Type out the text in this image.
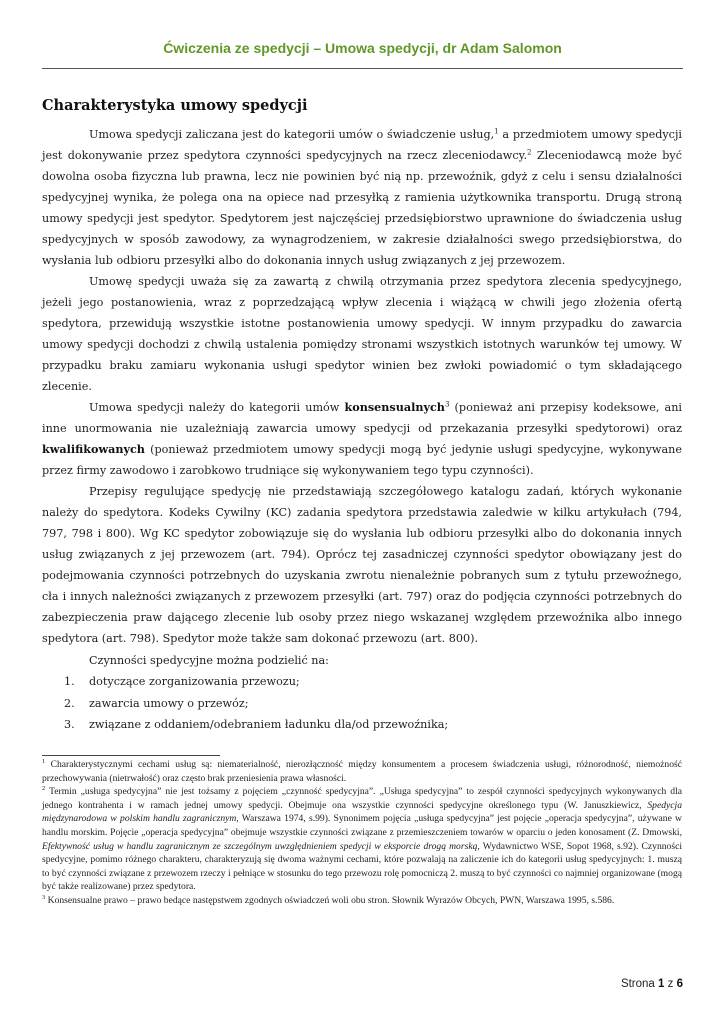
Ćwiczenia ze spedycji – Umowa spedycji, dr Adam Salomon
Charakterystyka umowy spedycji

Umowa spedycji zaliczana jest do kategorii umów o świadczenie usług,$^1$ a przedmiotem umowy spedycji jest dokonywanie przez spedytora czynności spedycyjnych na rzecz zleceniodawcy.$^2$ Zleceniodawcą może być dowolna osoba fizyczna lub prawna, lecz nie powinien być nią np. przewoźnik, gdyż z celu i sensu działalności spedycyjnej wynika, że polega ona na opiece nad przesyłką z ramienia użytkownika transportu. Drugą stroną umowy spedycji jest spedytor. Spedytorem jest najczęściej przedsiębiorstwo uprawnione do świadczenia usług spedycyjnych w sposób zawodowy, za wynagrodzeniem, w zakresie działalności swego przedsiębiorstwa, do wysłania lub odbioru przesyłki albo do dokonania innych usług związanych z jej przewozem.

Umowę spedycji uważa się za zawartą z chwilą otrzymania przez spedytora zlecenia spedycyjnego, jeżeli jego postanowienia, wraz z poprzedzającą wpływ zlecenia i wiążącą w chwili jego złożenia ofertą spedytora, przewidują wszystkie istotne postanowienia umowy spedycji. W innym przypadku do zawarcia umowy spedycji dochodzi z chwilą ustalenia pomiędzy stronami wszystkich istotnych warunków tej umowy. W przypadku braku zamiaru wykonania usługi spedytor winien bez zwłoki powiadomić o tym składającego zlecenie.

Umowa spedycji należy do kategorii umów konsensualnych$^3$ (ponieważ ani przepisy kodeksowe, ani inne unormowania nie uzależniają zawarcia umowy spedycji od przekazania przesyłki spedytorowi) oraz kwalifikowanych (ponieważ przedmiotem umowy spedycji mogą być jedynie usługi spedycyjne, wykonywane przez firmy zawodowo i zarobkowo trudniące się wykonywaniem tego typu czynności).

Przepisy regulujące spedycję nie przedstawiają szczegółowego katalogu zadań, których wykonanie należy do spedytora. Kodeks Cywilny (KC) zadania spedytora przedstawia zaledwie w kilku artykułach (794, 797, 798 i 800). Wg KC spedytor zobowiązuje się do wysłania lub odbioru przesyłki albo do dokonania innych usług związanych z jej przewozem (art. 794). Oprócz tej zasadniczej czynności spedytor obowiązany jest do podejmowania czynności potrzebnych do uzyskania zwrotu nienależnie pobranych sum z tytułu przewoźnego, cła i innych należności związanych z przewozem przesyłki (art. 797) oraz do podjęcia czynności potrzebnych do zabezpieczenia praw dającego zlecenie lub osoby przez niego wskazanej względem przewoźnika albo innego spedytora (art. 798). Spedytor może także sam dokonać przewozu (art. 800).

Czynności spedycyjne można podzielić na:

1.	dotyczące zorganizowania przewozu;
2.	zawarcia umowy o przewóz;
3.	związane z oddaniem/odebraniem ładunku dla/od przewoźnika;

$^1$ Charakterystycznymi cechami usług są: niematerialność, nierozłączność między konsumentem a procesem świadczenia usługi, różnorodność, niemożność przechowywania (nietrwałość) oraz często brak przeniesienia prawa własności.

$^2$ Termin „usługa spedycyjna” nie jest tożsamy z pojęciem „czynność spedycyjna”. „Usługa spedycyjna” to zespół czynności spedycyjnych wykonywanych dla jednego kontrahenta i w ramach jednej umowy spedycji. Obejmuje ona wszystkie czynności spedycyjne określonego typu (W. Januszkiewicz, Spedycja międzynarodowa w polskim handlu zagranicznym, Warszawa 1974, s.99). Synonimem pojęcia „usługa spedycyjna” jest pojęcie „operacja spedycyjna”, używane w handlu morskim. Pojęcie „operacja spedycyjna” obejmuje wszystkie czynności związane z przemieszczeniem towarów w oparciu o jeden konosament (Z. Dmowski, Efektywność usług w handlu zagranicznym ze szczególnym uwzględnieniem spedycji w eksporcie drogą morską, Wydawnictwo WSE, Sopot 1968, s.92). Czynności spedycyjne, pomimo różnego charakteru, charakteryzują się dwoma ważnymi cechami, które pozwalają na zaliczenie ich do kategorii usług spedycyjnych: 1. muszą to być czynności związane z przewozem rzeczy i pełniące w stosunku do tego przewozu rolę pomocniczą 2. muszą to być czynności co najmniej organizowane (mogą być także realizowane) przez spedytora.

$^3$ Konsensualne prawo – prawo bedące następstwem zgodnych oświadczeń woli obu stron. Słownik Wyrazów Obcych, PWN, Warszawa 1995, s.586.

Strona 1 z 6
